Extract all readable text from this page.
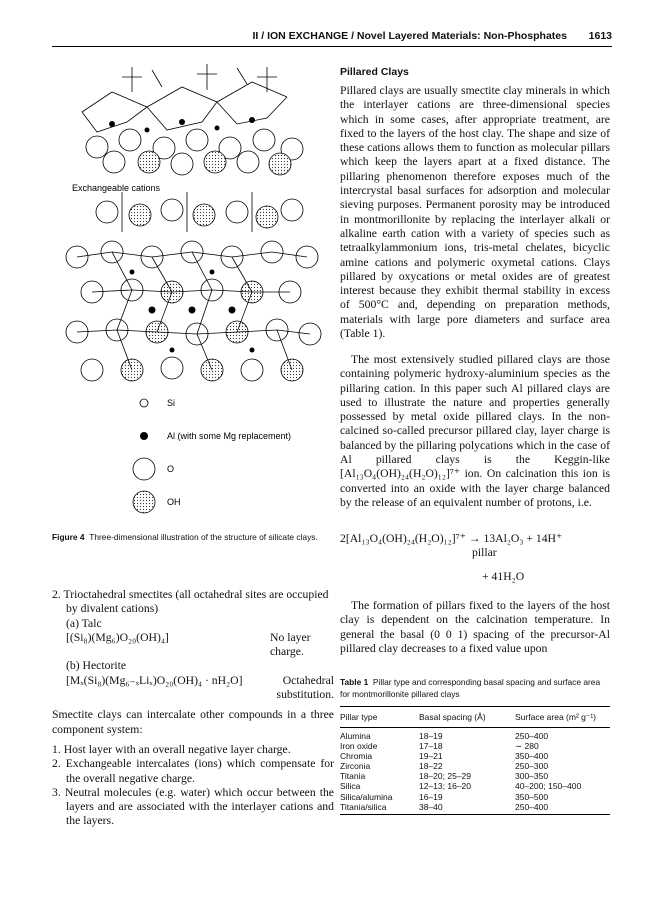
II / ION EXCHANGE / Novel Layered Materials: Non-Phosphates 1613
Exchangeable cations
Si
Al (with some Mg replacement)
O
OH
Figure 4 Three-dimensional illustration of the structure of silicate clays.

2. Trioctahedral smectites (all octahedral sites are occupied by divalent cations)

(a) Talc

[(Si₈)(Mg₆)O₂₀(OH)₄]	No layer charge.

(b) Hectorite

[Mₓ(Si₈)(Mg₆₋ₓLiₓ)O₂₀(OH)₄ · nH₂O]	Octahedral substitution.

Smectite clays can intercalate other compounds in a three component system:

1. Host layer with an overall negative layer charge.

2. Exchangeable intercalates (ions) which compensate for the overall negative charge.

3. Neutral molecules (e.g. water) which occur between the layers and are associated with the interlayer cations and the layers.

Pillared Clays

Pillared clays are usually smectite clay minerals in which the interlayer cations are three-dimensional species which in some cases, after appropriate treatment, are fixed to the layers of the host clay. The shape and size of these cations allows them to function as molecular pillars which keep the layers apart at a fixed distance. The pillaring phenomenon therefore exposes much of the intercrystal basal surfaces for adsorption and molecular sieving purposes. Permanent porosity may be introduced in montmorillonite by replacing the interlayer alkali or alkaline earth cation with a variety of species such as tetraalkylammonium ions, tris-metal chelates, bicyclic amine cations and polymeric oxymetal cations. Clays pillared by oxycations or metal oxides are of greatest interest because they exhibit thermal stability in excess of 500°C and, depending on preparation methods, materials with large pore diameters and surface area (Table 1).

The most extensively studied pillared clays are those containing polymeric hydroxy-aluminium species as the pillaring cation. In this paper such Al pillared clays are used to illustrate the nature and properties generally possessed by metal oxide pillared clays. In the non-calcined so-called precursor pillared clay, layer charge is balanced by the pillaring polycations which in the case of Al pillared clays is the Keggin-like [Al₁₃O₄(OH)₂₄(H₂O)₁₂]⁷⁺ ion. On calcination this ion is converted into an oxide with the layer charge balanced by the release of an equivalent number of protons, i.e.

2[Al₁₃O₄(OH)₂₄(H₂O)₁₂]⁷⁺ → 13Al₂O₃ + 14H⁺
pillar
+ 41H₂O

The formation of pillars fixed to the layers of the host clay is dependent on the calcination temperature. In general the basal (0 0 1) spacing of the precursor-Al pillared clay decreases to a fixed value upon

Table 1 Pillar type and corresponding basal spacing and surface area for montmorillonite pillared clays
Pillar type	Basal spacing (Å)	Surface area (m² g⁻¹)
Alumina	18–19	250–400
Iron oxide	17–18	∼ 280
Chromia	19–21	350–400
Zirconia	18–22	250–300
Titania	18–20; 25–29	300–350
Silica	12–13; 16–20	40–200; 150–400
Silica/alumina	16–19	350–500
Titania/silica	38–40	250–400
